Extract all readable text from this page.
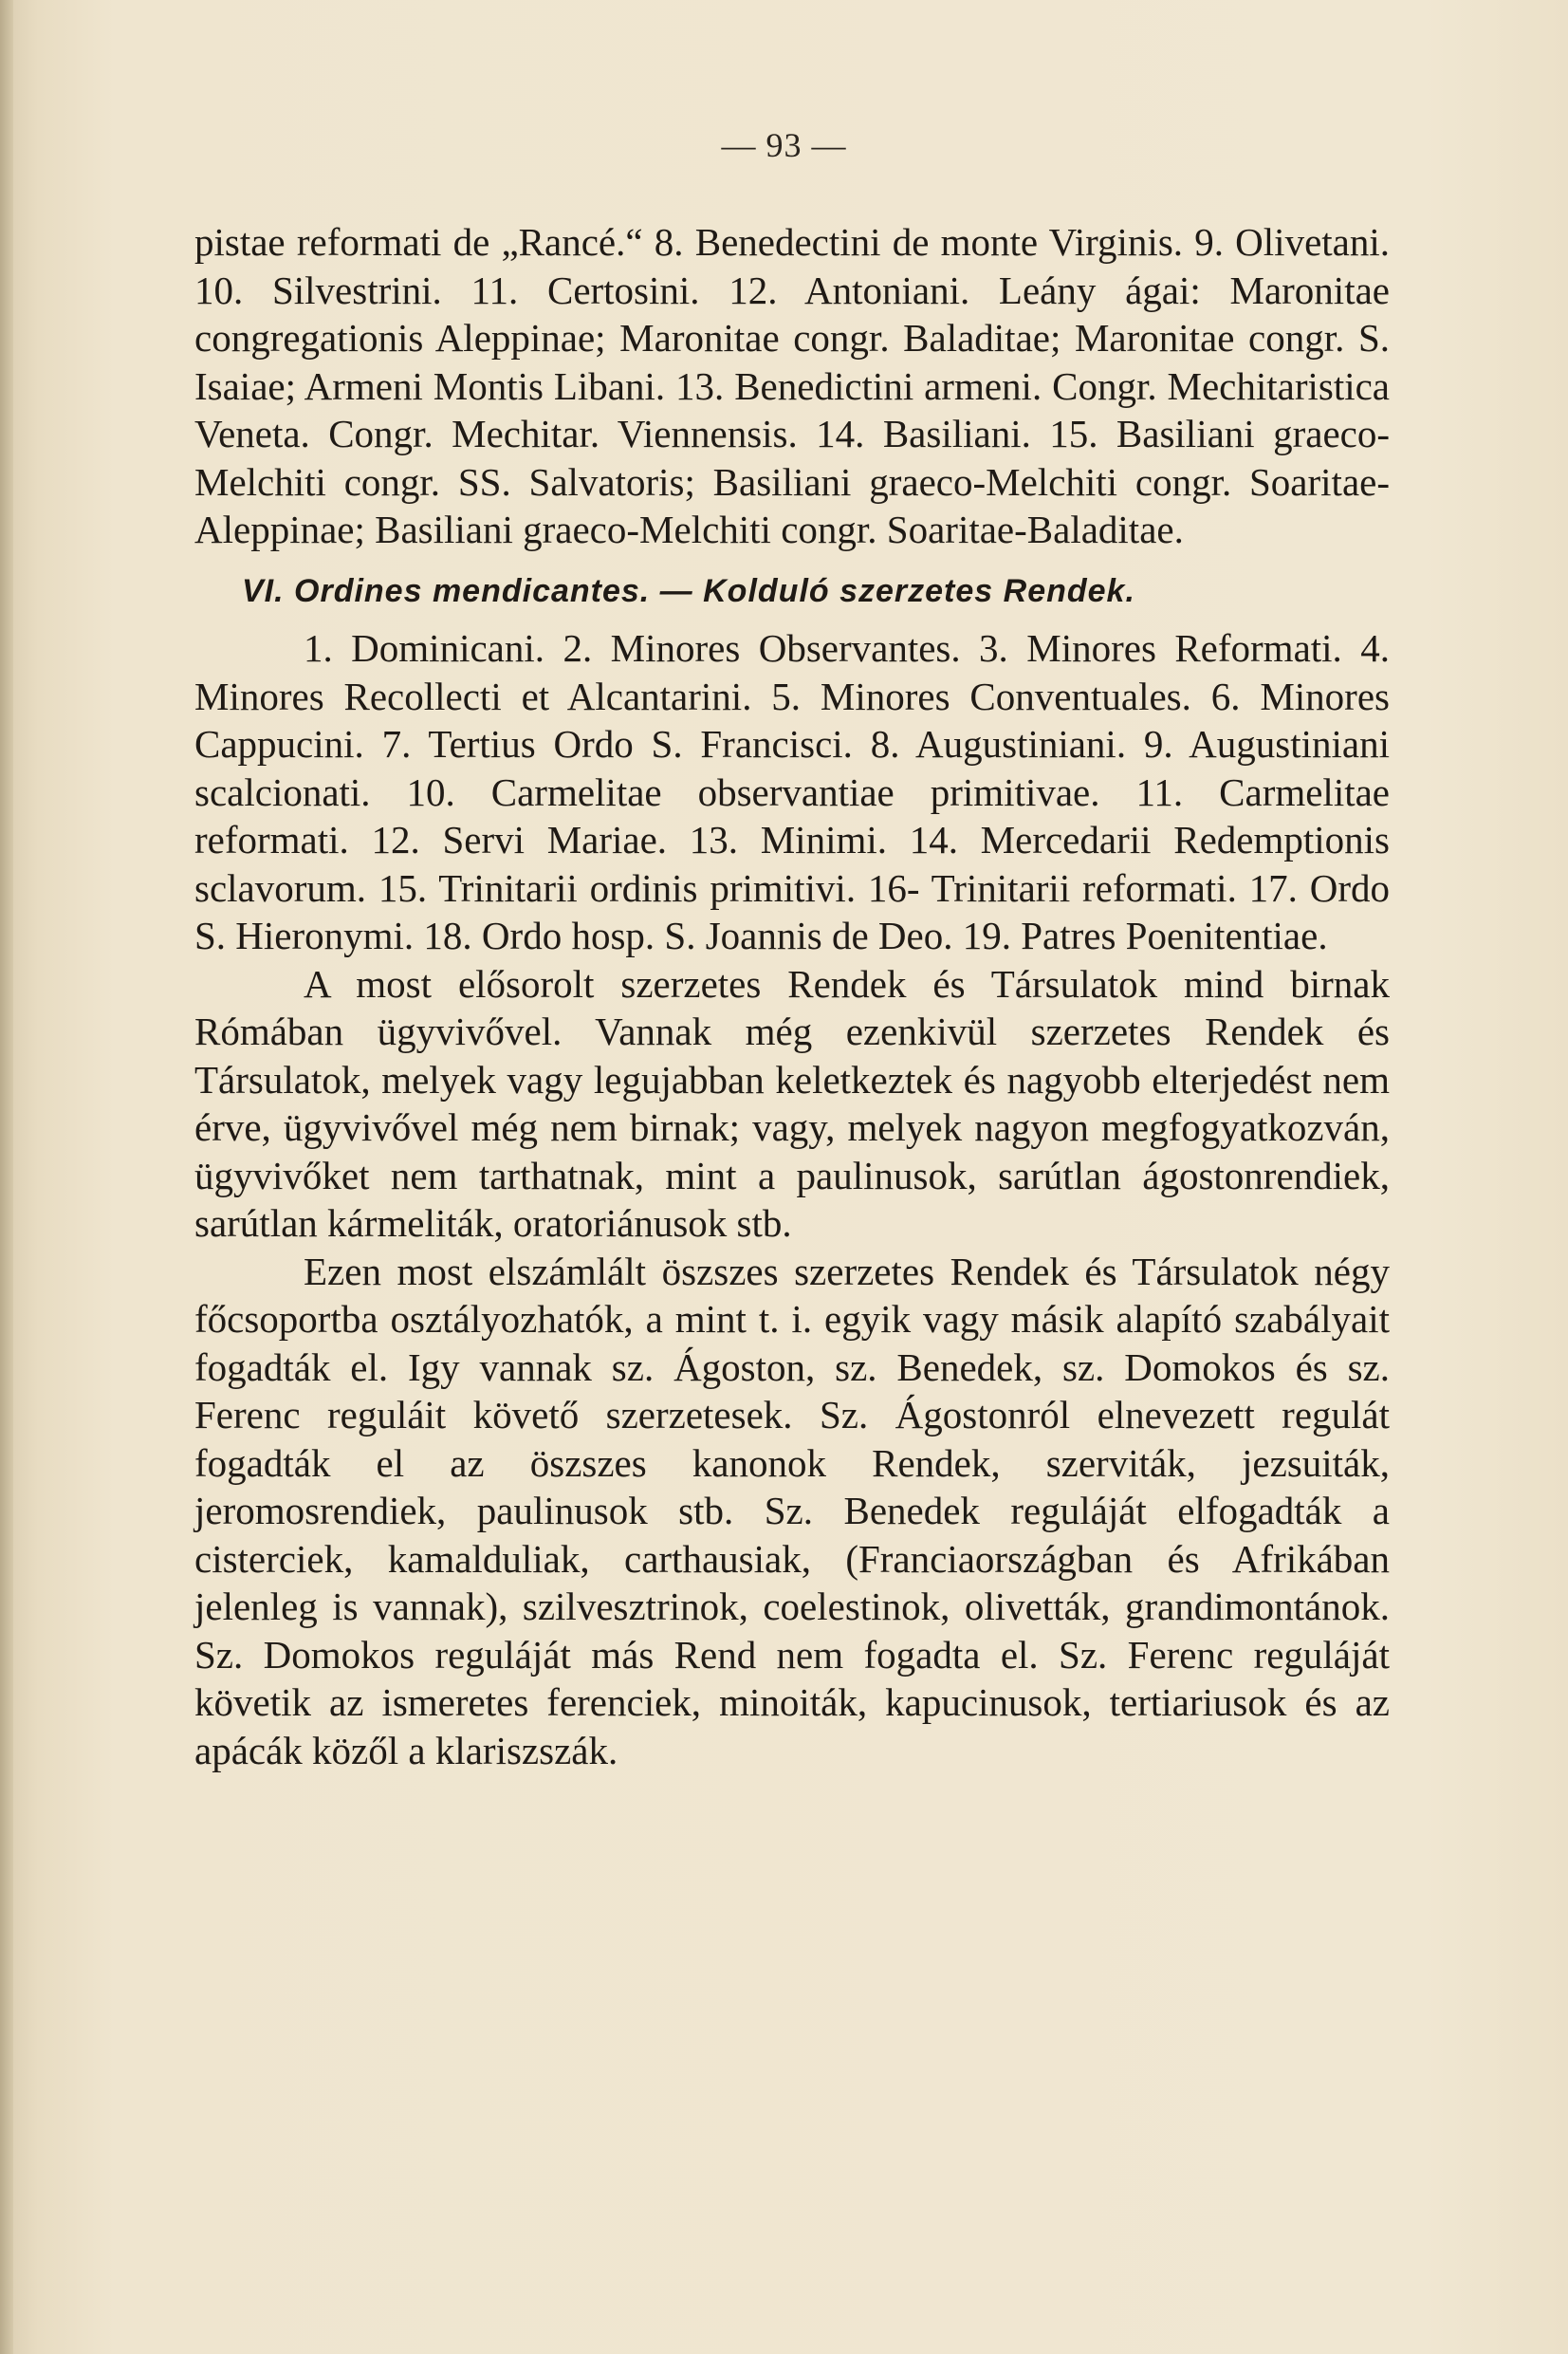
— 93 —

pistae reformati de „Rancé.“ 8. Benedectini de monte Virginis. 9. Olivetani. 10. Silvestrini. 11. Certosini. 12. Antoniani. Leány ágai: Maronitae congregationis Aleppinae; Maronitae congr. Baladitae; Maronitae congr. S. Isaiae; Armeni Montis Libani. 13. Benedictini armeni. Congr. Mechitaristica Veneta. Congr. Mechitar. Viennensis. 14. Basiliani. 15. Basiliani graeco-Melchiti congr. SS. Salvatoris; Basiliani graeco-Melchiti congr. Soaritae-Aleppinae; Basiliani graeco-Melchiti congr. Soaritae-Baladitae.

VI. Ordines mendicantes. — Kolduló szerzetes Rendek.

1. Dominicani. 2. Minores Observantes. 3. Minores Reformati. 4. Minores Recollecti et Alcantarini. 5. Minores Conventuales. 6. Minores Cappucini. 7. Tertius Ordo S. Francisci. 8. Augustiniani. 9. Augustiniani scalcionati. 10. Carmelitae observantiae primitivae. 11. Carmelitae reformati. 12. Servi Mariae. 13. Minimi. 14. Mercedarii Redemptionis sclavorum. 15. Trinitarii ordinis primitivi. 16- Trinitarii reformati. 17. Ordo S. Hieronymi. 18. Ordo hosp. S. Joannis de Deo. 19. Patres Poenitentiae.

A most elősorolt szerzetes Rendek és Társulatok mind birnak Rómában ügyvivővel. Vannak még ezenkivül szerzetes Rendek és Társulatok, melyek vagy legujabban keletkeztek és nagyobb elterjedést nem érve, ügyvivővel még nem birnak; vagy, melyek nagyon megfogyatkozván, ügyvivőket nem tarthatnak, mint a paulinusok, sarútlan ágostonrendiek, sarútlan kármeliták, oratoriánusok stb.

Ezen most elszámlált öszszes szerzetes Rendek és Társulatok négy főcsoportba osztályozhatók, a mint t. i. egyik vagy másik alapító szabályait fogadták el. Igy vannak sz. Ágoston, sz. Benedek, sz. Domokos és sz. Ferenc reguláit követő szerzetesek. Sz. Ágostonról elnevezett regulát fogadták el az öszszes kanonok Rendek, szerviták, jezsuiták, jeromosrendiek, paulinusok stb. Sz. Benedek reguláját elfogadták a cisterciek, kamalduliak, carthausiak, (Franciaországban és Afrikában jelenleg is vannak), szilvesztrinok, coelestinok, olivetták, grandimontánok. Sz. Domokos reguláját más Rend nem fogadta el. Sz. Ferenc reguláját követik az ismeretes ferenciek, minoiták, kapucinusok, tertiariusok és az apácák közől a klariszszák.
